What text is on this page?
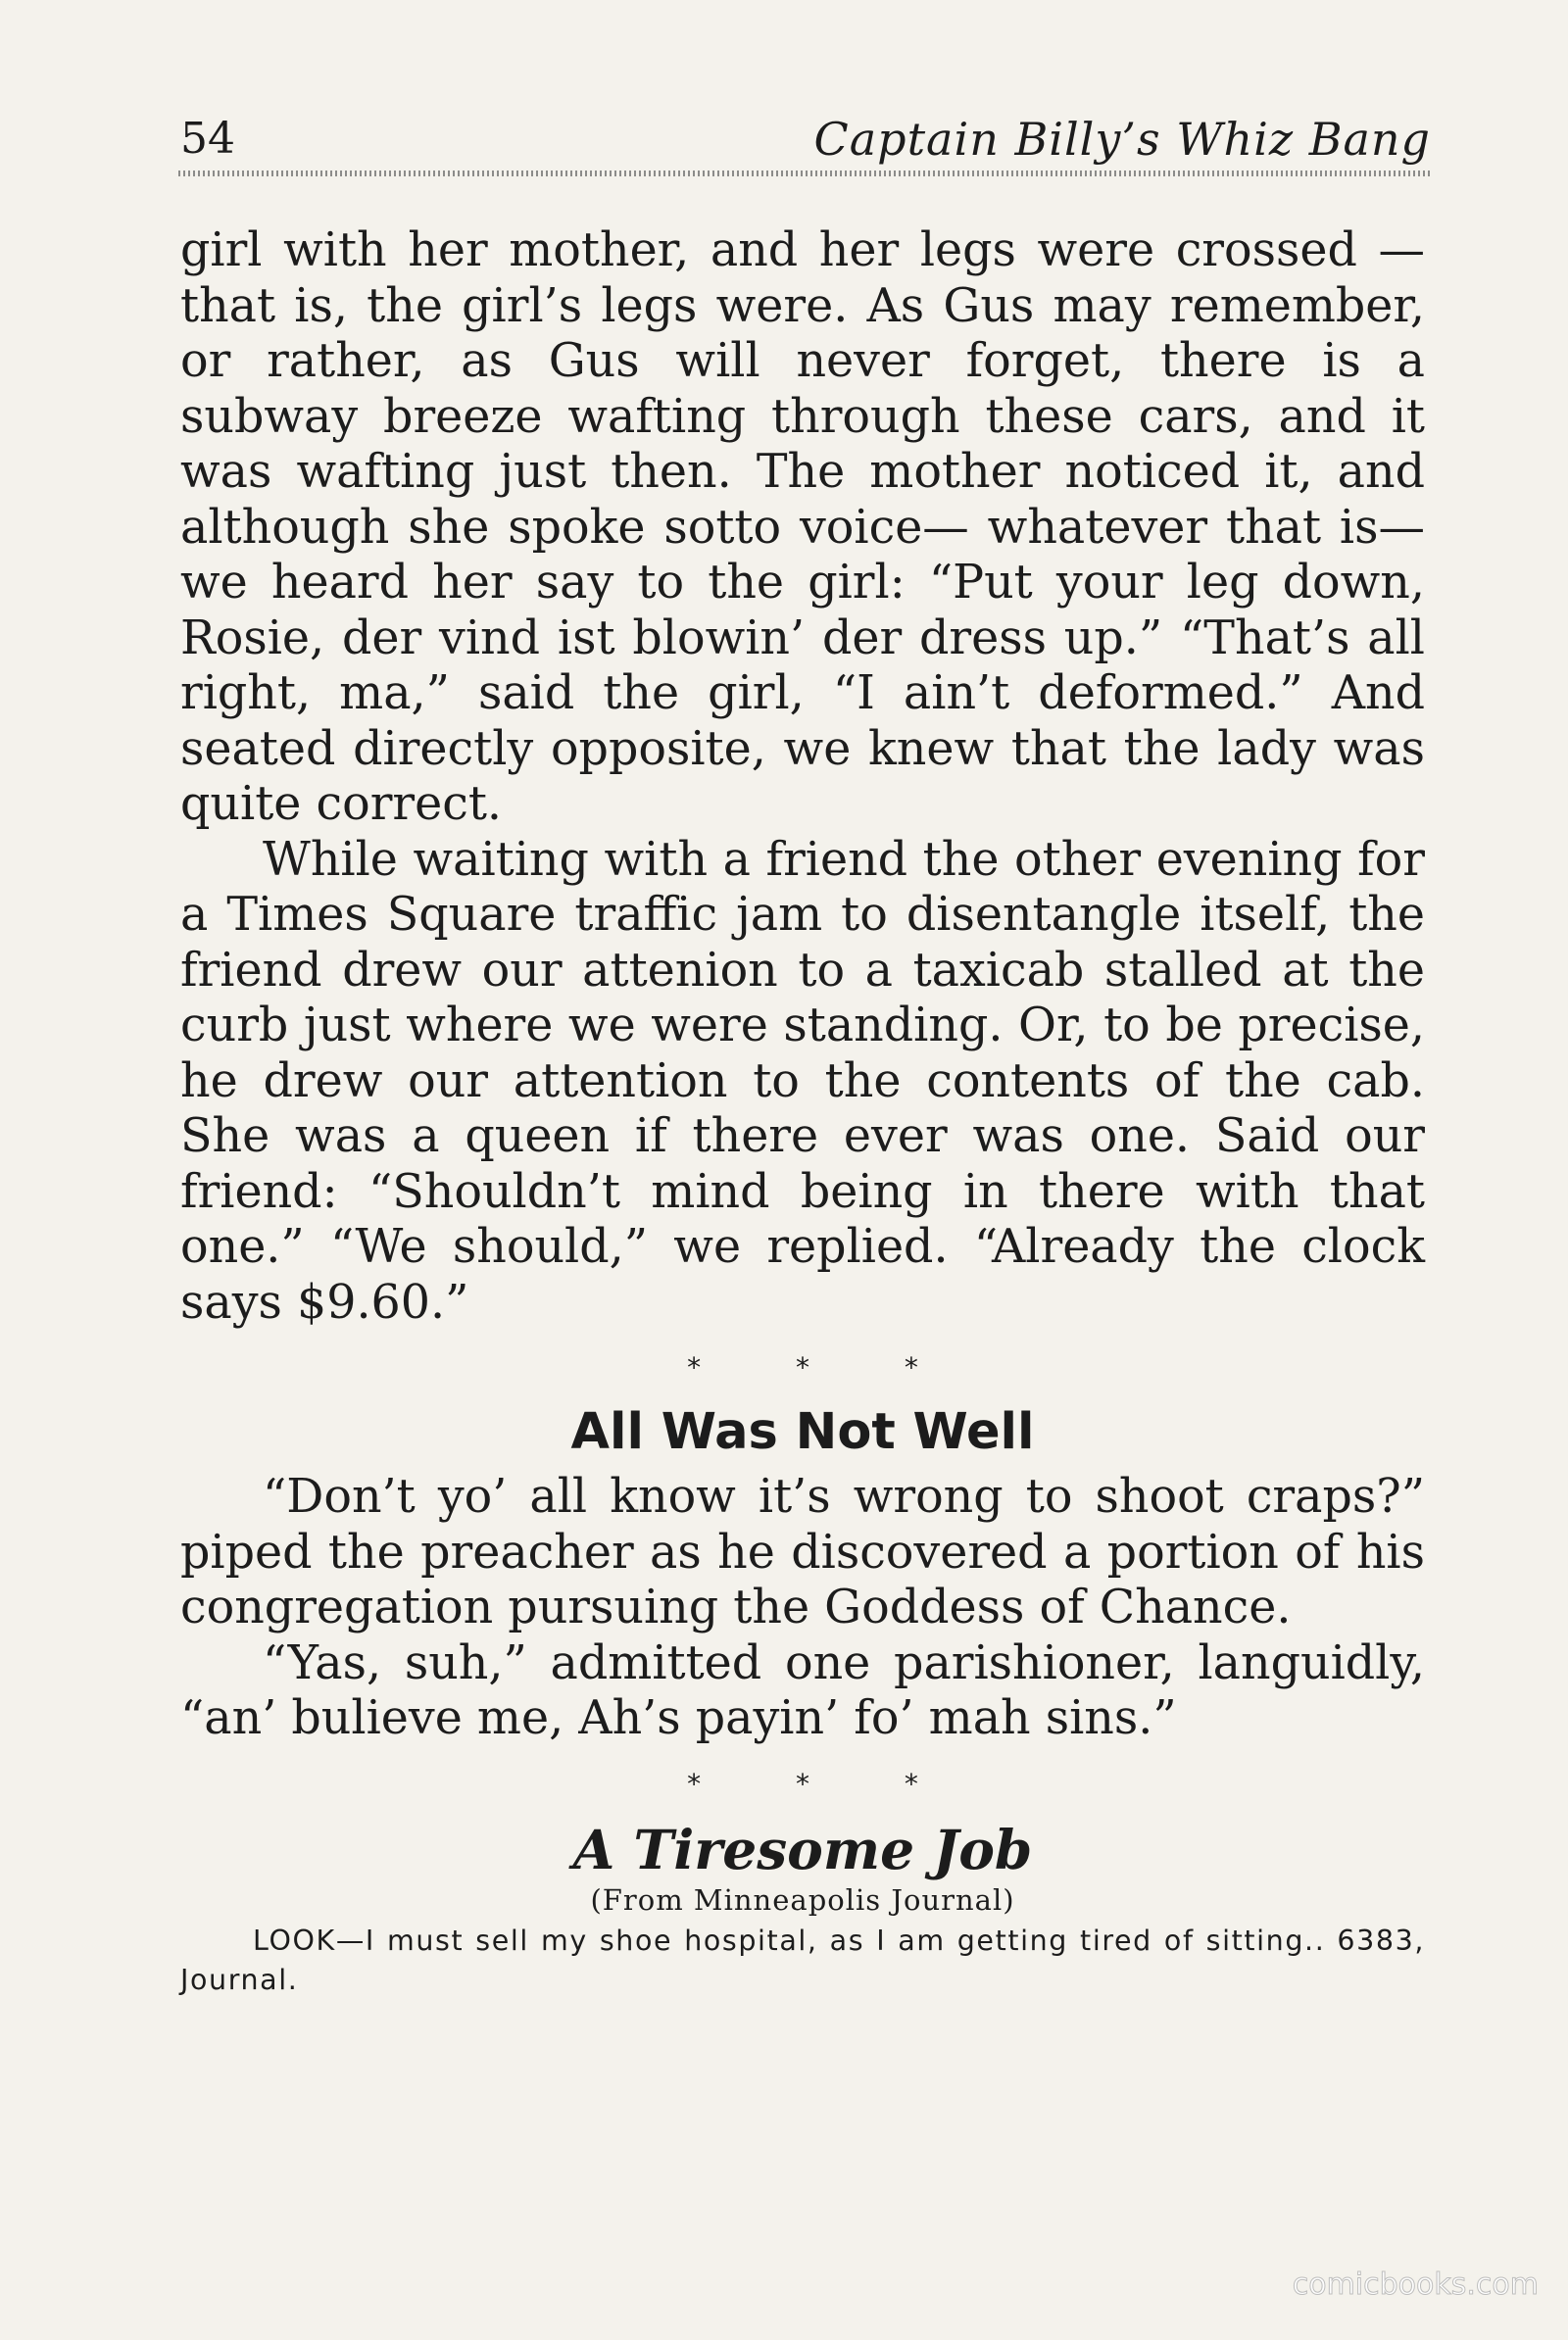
54	Captain Billy’s Whiz Bang

girl with her mother, and her legs were crossed —that is, the girl’s legs were. As Gus may remember, or rather, as Gus will never forget, there is a subway breeze wafting through these cars, and it was wafting just then. The mother noticed it, and although she spoke sotto voice— whatever that is—we heard her say to the girl: “Put your leg down, Rosie, der vind ist blowin’ der dress up.” “That’s all right, ma,” said the girl, “I ain’t deformed.” And seated directly opposite, we knew that the lady was quite correct.

While waiting with a friend the other evening for a Times Square traffic jam to disentangle itself, the friend drew our attenion to a taxicab stalled at the curb just where we were standing. Or, to be precise, he drew our attention to the contents of the cab. She was a queen if there ever was one. Said our friend: “Shouldn’t mind being in there with that one.” “We should,” we replied. “Already the clock says $9.60.”

* * *
All Was Not Well

“Don’t yo’ all know it’s wrong to shoot craps?” piped the preacher as he discovered a portion of his congregation pursuing the Goddess of Chance.

“Yas, suh,” admitted one parishioner, languidly, “an’ bulieve me, Ah’s payin’ fo’ mah sins.”

* * *
A Tiresome Job

(From Minneapolis Journal)

LOOK—I must sell my shoe hospital, as I am getting tired of sitting.. 6383, Journal.

comicbooks.com
